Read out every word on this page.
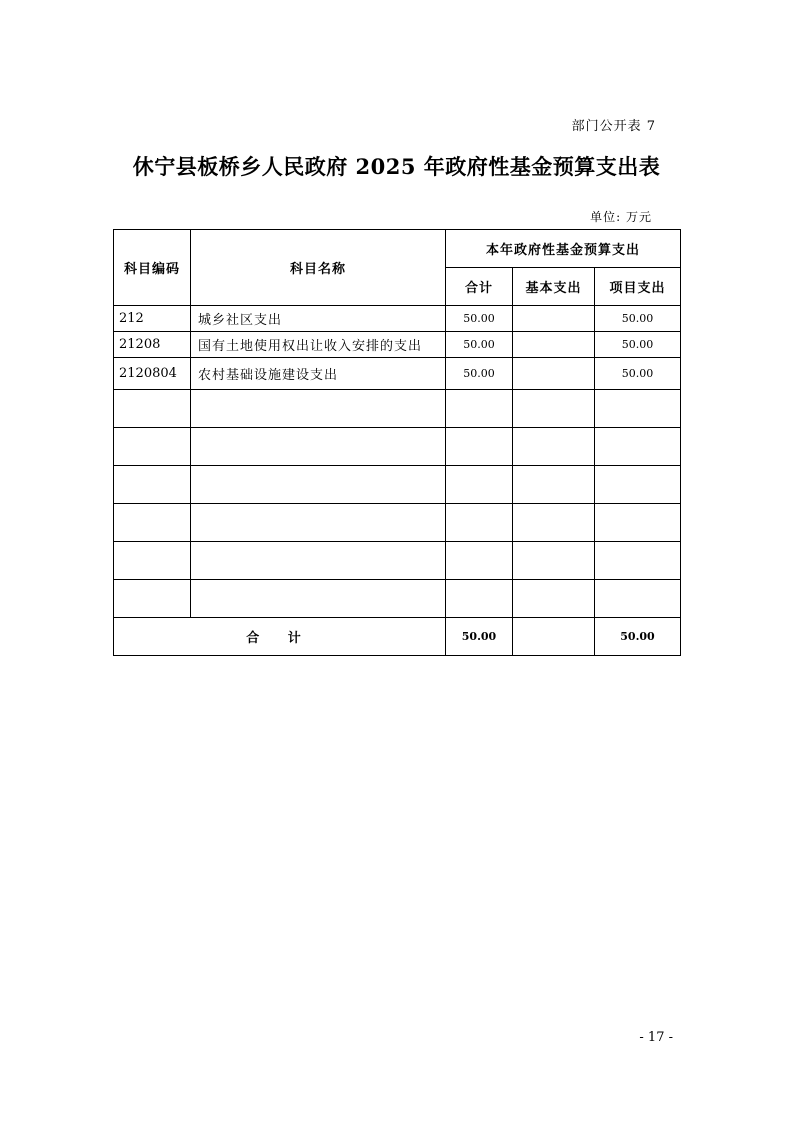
部门公开表 7
休宁县板桥乡人民政府 2025 年政府性基金预算支出表
单位: 万元
科目编码	科目名称	本年政府性基金预算支出		
		合计	基本支出	项目支出
212	城乡社区支出	50.00		50.00
21208	国有土地使用权出让收入安排的支出	50.00		50.00
2120804	农村基础设施建设支出	50.00		50.00

合 计		50.00		50.00
- 17 -
